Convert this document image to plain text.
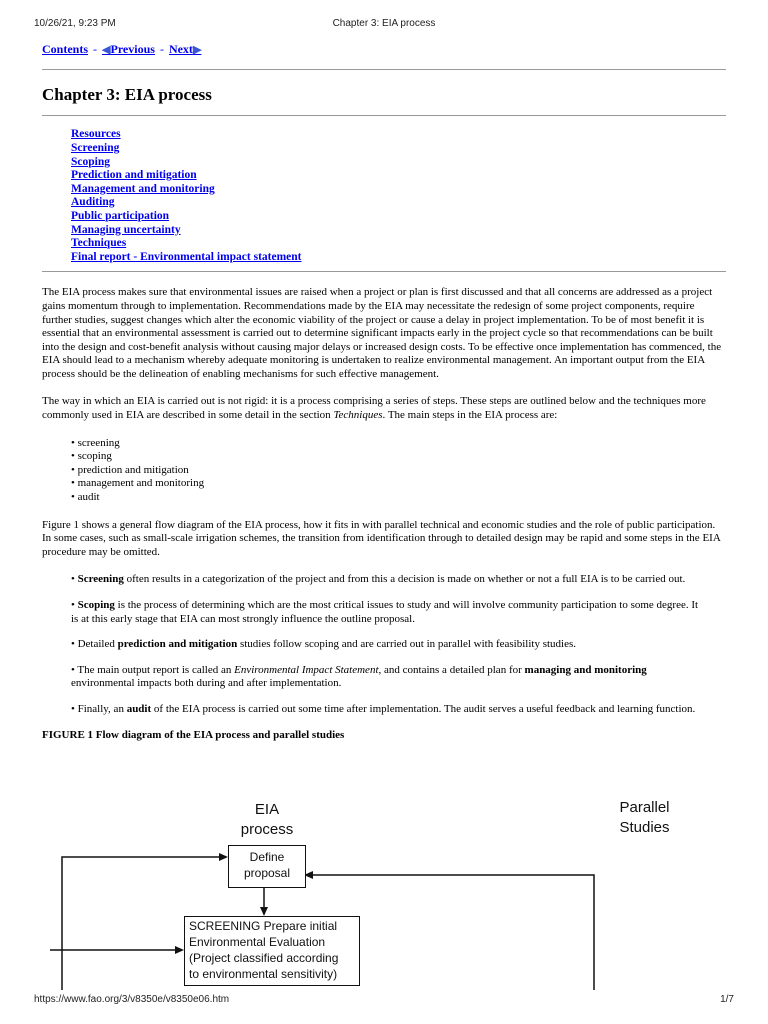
10/26/21, 9:23 PM	Chapter 3: EIA process
Contents - ◀Previous - Next▶
Chapter 3: EIA process
Resources
Screening
Scoping
Prediction and mitigation
Management and monitoring
Auditing
Public participation
Managing uncertainty
Techniques
Final report - Environmental impact statement

The EIA process makes sure that environmental issues are raised when a project or plan is first discussed and that all concerns are addressed as a project gains momentum through to implementation. Recommendations made by the EIA may necessitate the redesign of some project components, require further studies, suggest changes which alter the economic viability of the project or cause a delay in project implementation. To be of most benefit it is essential that an environmental assessment is carried out to determine significant impacts early in the project cycle so that recommendations can be built into the design and cost-benefit analysis without causing major delays or increased design costs. To be effective once implementation has commenced, the EIA should lead to a mechanism whereby adequate monitoring is undertaken to realize environmental management. An important output from the EIA process should be the delineation of enabling mechanisms for such effective management.

The way in which an EIA is carried out is not rigid: it is a process comprising a series of steps. These steps are outlined below and the techniques more commonly used in EIA are described in some detail in the section Techniques. The main steps in the EIA process are:

• screening
• scoping
• prediction and mitigation
• management and monitoring
• audit

Figure 1 shows a general flow diagram of the EIA process, how it fits in with parallel technical and economic studies and the role of public participation. In some cases, such as small-scale irrigation schemes, the transition from identification through to detailed design may be rapid and some steps in the EIA procedure may be omitted.

• Screening often results in a categorization of the project and from this a decision is made on whether or not a full EIA is to be carried out.

• Scoping is the process of determining which are the most critical issues to study and will involve community participation to some degree. It is at this early stage that EIA can most strongly influence the outline proposal.

• Detailed prediction and mitigation studies follow scoping and are carried out in parallel with feasibility studies.

• The main output report is called an Environmental Impact Statement, and contains a detailed plan for managing and monitoring environmental impacts both during and after implementation.

• Finally, an audit of the EIA process is carried out some time after implementation. The audit serves a useful feedback and learning function.

FIGURE 1 Flow diagram of the EIA process and parallel studies

EIA
process
Parallel
Studies
Define
proposal
SCREENING Prepare initial
Environmental Evaluation
(Project classified according
to environmental sensitivity)
https://www.fao.org/3/v8350e/v8350e06.htm	1/7
